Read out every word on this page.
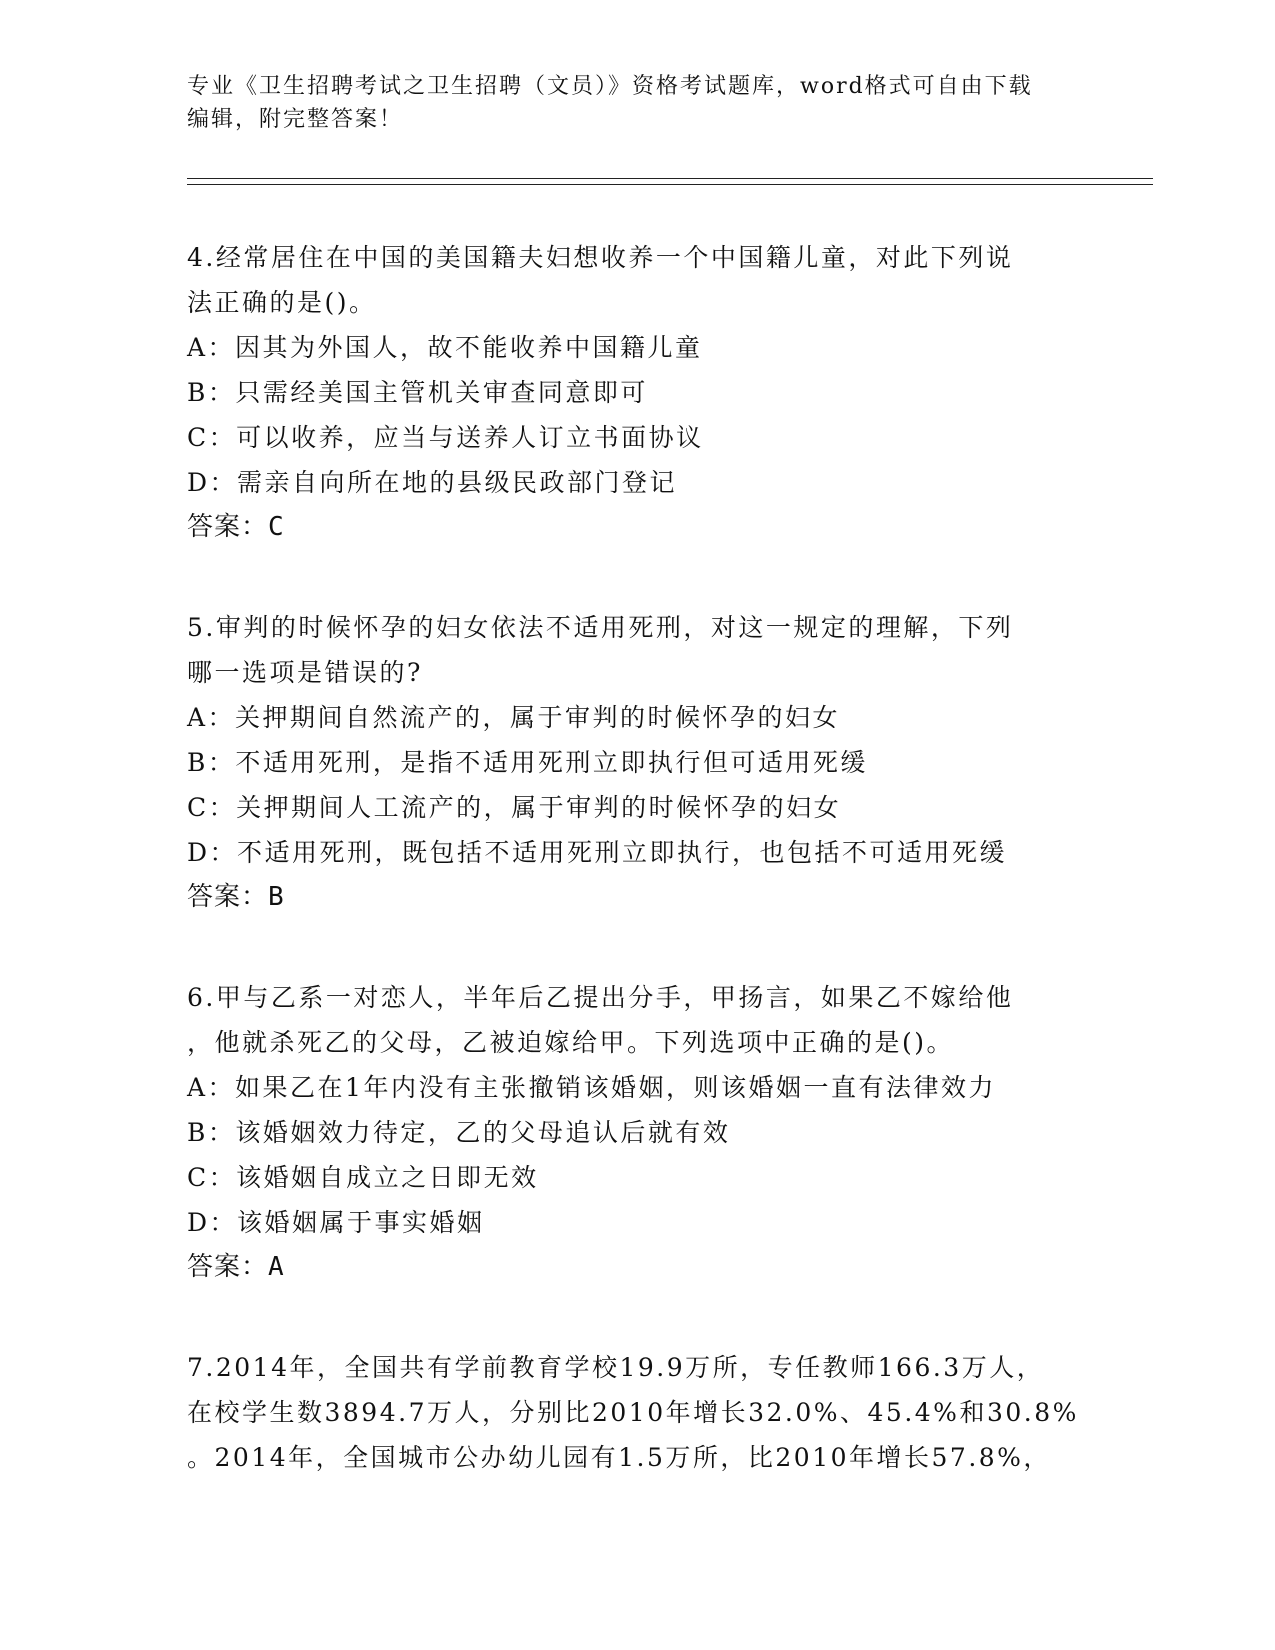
专业《卫生招聘考试之卫生招聘（文员）》资格考试题库，word格式可自由下载
编辑，附完整答案！

4.经常居住在中国的美国籍夫妇想收养一个中国籍儿童，对此下列说

法正确的是()。

A：因其为外国人，故不能收养中国籍儿童

B：只需经美国主管机关审查同意即可

C：可以收养，应当与送养人订立书面协议

D：需亲自向所在地的县级民政部门登记

答案：C

5.审判的时候怀孕的妇女依法不适用死刑，对这一规定的理解，下列

哪一选项是错误的?

A：关押期间自然流产的，属于审判的时候怀孕的妇女

B：不适用死刑，是指不适用死刑立即执行但可适用死缓

C：关押期间人工流产的，属于审判的时候怀孕的妇女

D：不适用死刑，既包括不适用死刑立即执行，也包括不可适用死缓

答案：B

6.甲与乙系一对恋人，半年后乙提出分手，甲扬言，如果乙不嫁给他

，他就杀死乙的父母，乙被迫嫁给甲。下列选项中正确的是()。

A：如果乙在1年内没有主张撤销该婚姻，则该婚姻一直有法律效力

B：该婚姻效力待定，乙的父母追认后就有效

C：该婚姻自成立之日即无效

D：该婚姻属于事实婚姻

答案：A

7.2014年，全国共有学前教育学校19.9万所，专任教师166.3万人，

在校学生数3894.7万人，分别比2010年增长32.0%、45.4%和30.8%

。2014年，全国城市公办幼儿园有1.5万所，比2010年增长57.8%，
